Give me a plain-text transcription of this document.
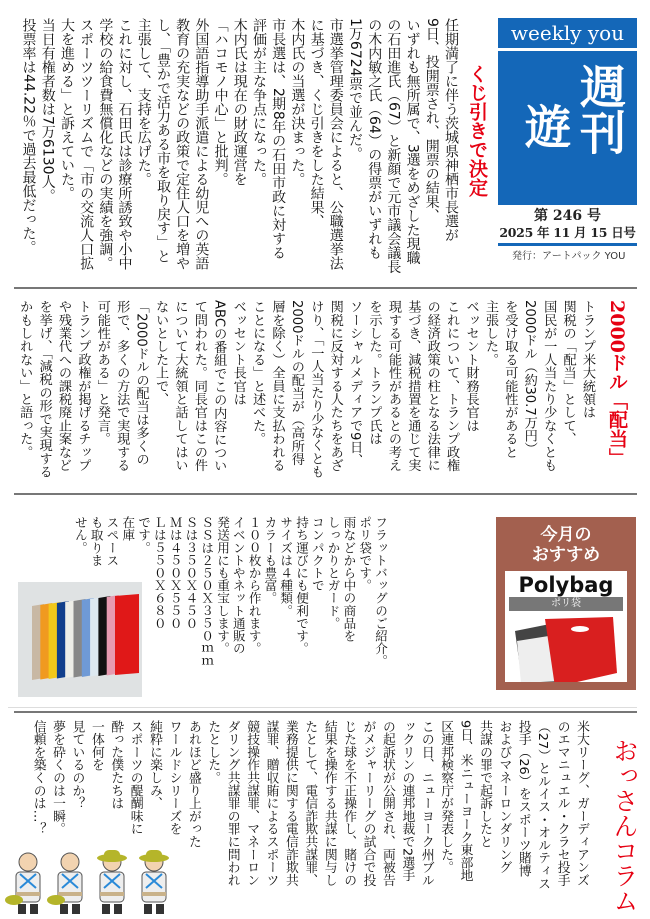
weekly you
週刊
遊
第 246 号
2025 年 11 月 15 日号
発行：アートパック YOU
くじ引きで決定
任期満了に伴う茨城県神栖市長選が
9日、投開票され、開票の結果、
いずれも無所属で、3選をめざした現職
の石田進氏（67）と新顔で元市議会議長
の木内敏之氏（64）の得票がいずれも
1万6724票で並んだ。
市選挙管理委員会によると、公職選挙法
に基づき、くじ引きをした結果、
木内氏の当選が決まった。
市長選は、2期8年の石田市政に対する
評価が主な争点になった。
木内氏は現在の財政運営を
「ハコモノ中心」と批判。
外国語指導助手派遣による幼児への英語
教育の充実などの政策で定住人口を増や
し、「豊かで活力ある市を取り戻す」と
主張して、支持を広げた。
これに対し、石田氏は診療所誘致や小中
学校の給食費無償化などの実績を強調。
スポーツツーリズムで「市の交流人口拡
大を進める」と訴えていた。
当日有権者数は7万6130人。
投票率は44.22％で過去最低だった。
2000ドル「配当」
トランプ米大統領は
関税の「配当」として、
国民が一人当たり少なくとも
2000ドル（約30.7万円）
を受け取る可能性があると
主張した。
ベッセント財務長官は
これについて、トランプ政権
の経済政策の柱となる法律に
基づき、減税措置を通じて実
現する可能性があるとの考え
を示した。トランプ氏は
ソーシャルメディアで9日、
関税に反対する人たちをあざ
けり、「一人当たり少なくとも
2000ドルの配当が（高所得
層を除く）全員に支払われる
ことになる」と述べた。
ベッセント長官は
ABCの番組でこの内容につい
て問われた。同長官はこの件
について大統領と話してはい
ないとした上で、
「2000ドルの配当は多くの
形で、多くの方法で実現する
可能性がある」と発言。
トランプ政権が掲げるチップ
や残業代への課税廃止案など
を挙げ、「減税の形で実現する
かもしれない」と語った。
今月の
おすすめ
Polybag
ポリ袋
フラットバッグのご紹介。
ポリ袋です。
雨などから中の商品を
しっかりとガード。
コンパクトで
持ち運びにも便利です。
サイズは４種類。
カラーも豊富。
１００枚から作れます。
イベントやネット通販の
発送用にも重宝します。
ＳＳは２５０Ｘ３５０ｍｍ
Ｓは３５０Ｘ４５０
Ｍは４５０Ｘ５５０
Ｌは５５０Ｘ６８０
です。
在庫
スペース
も取りま
せん。
おっさんコラム
米大リーグ、ガーディアンズ
のエマニュエル・クラセ投手
（27）とルイス・オルティス
投手（26）をスポーツ賭博
およびマネーロンダリング
共謀の罪で起訴したと
9日、米ニューヨーク東部地
区連邦検察庁が発表した。
この日、ニューヨーク州ブル
ックリンの連邦地裁で2選手
の起訴状が公開され、両被告
がメジャーリーグの試合で投
じた球を不正操作し、賭けの
結果を操作する共謀に関与し
たとして、電信詐欺共謀罪、
業務提供に関する電信詐欺共
謀罪、贈収賄によるスポーツ
競技操作共謀罪、マネーロン
ダリング共謀罪の罪に問われ
たとした。
あれほど盛り上がった
ワールドシリーズを
純粋に楽しみ、
スポーツの醍醐味に
酔った僕たちは
一体何を
見ているのか？
夢を砕くのは一瞬。
信頼を築くのは…？
